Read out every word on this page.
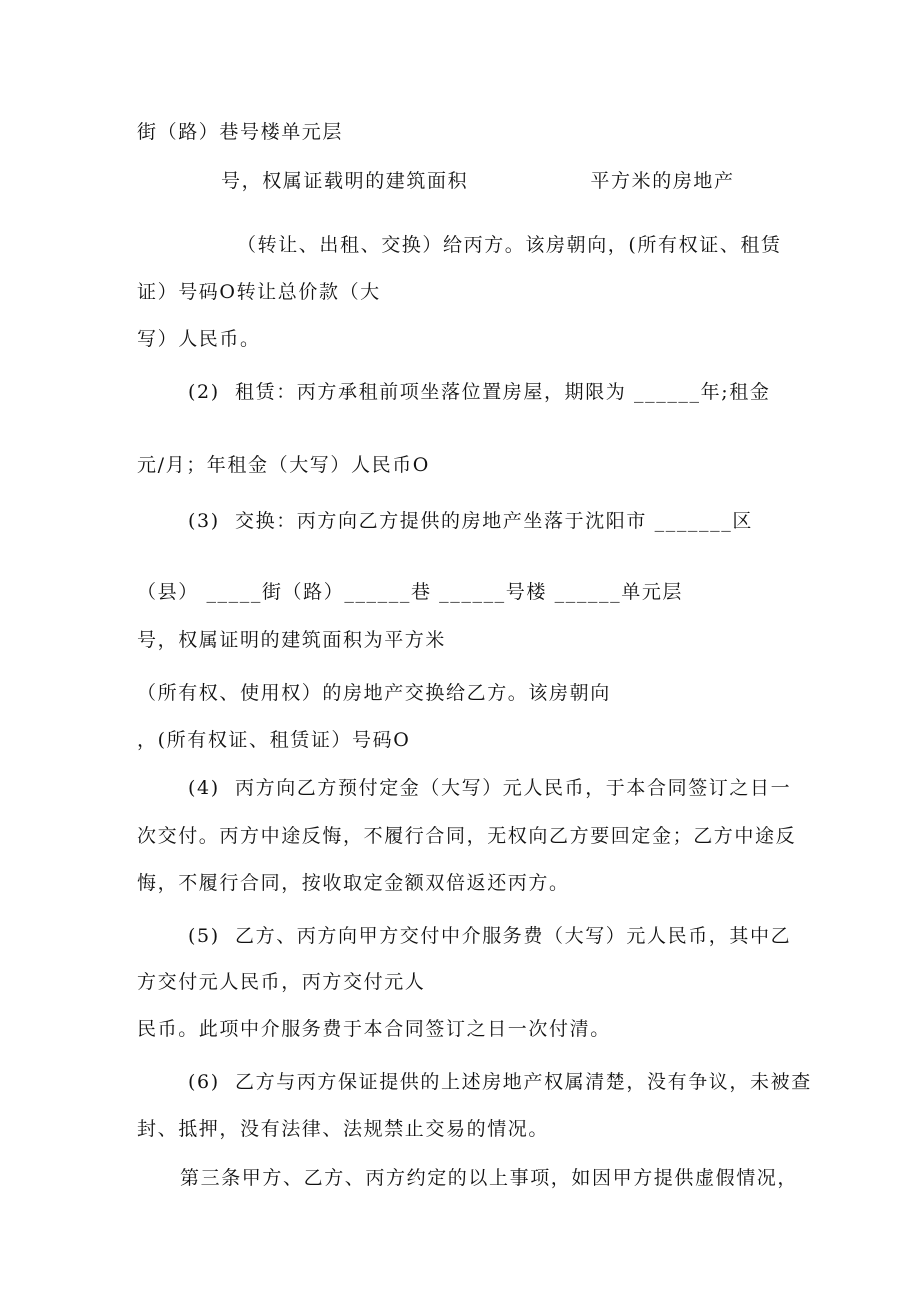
街（路）巷号楼单元层
号，权属证载明的建筑面积                平方米的房地产
（转让、出租、交换）给丙方。该房朝向，(所有权证、租赁
证）号码O转让总价款（大
写）人民币。
(2)  租赁：丙方承租前项坐落位置房屋，期限为 ______年;租金
元/月；年租金（大写）人民币O
(3)  交换：丙方向乙方提供的房地产坐落于沈阳市 _______区
（县） _____街（路）______巷 ______号楼 ______单元层
号，权属证明的建筑面积为平方米
（所有权、使用权）的房地产交换给乙方。该房朝向
，(所有权证、租赁证）号码O
(4)  丙方向乙方预付定金（大写）元人民币，于本合同签订之日一
次交付。丙方中途反悔，不履行合同，无权向乙方要回定金；乙方中途反
悔，不履行合同，按收取定金额双倍返还丙方。
(5)  乙方、丙方向甲方交付中介服务费（大写）元人民币，其中乙
方交付元人民币，丙方交付元人
民币。此项中介服务费于本合同签订之日一次付清。
(6)  乙方与丙方保证提供的上述房地产权属清楚，没有争议，未被查
封、抵押，没有法律、法规禁止交易的情况。
第三条甲方、乙方、丙方约定的以上事项，如因甲方提供虚假情况，
